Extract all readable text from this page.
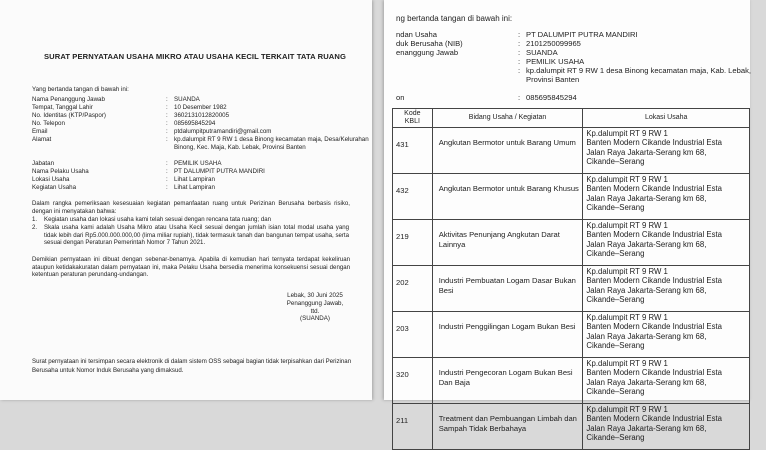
SURAT PERNYATAAN USAHA MIKRO ATAU USAHA KECIL TERKAIT TATA RUANG
Yang bertanda tangan di bawah ini:
Nama Penanggung Jawab	: SUANDA
Tempat, Tanggal Lahir	: 10 Desember 1982
No. Identitas (KTP/Paspor)	: 3602131012820005
No. Telepon	: 085695845294
Email	: ptdalumpitputramandiri@gmail.com
Alamat	: kp.dalumpit RT 9 RW 1 desa Binong kecamatan maja, Desa/Kelurahan Binong, Kec. Maja, Kab. Lebak, Provinsi Banten
Jabatan	: PEMILIK USAHA
Nama Pelaku Usaha	: PT DALUMPIT PUTRA MANDIRI
Lokasi Usaha	: Lihat Lampiran
Kegiatan Usaha	: Lihat Lampiran
Dalam rangka pemeriksaan kesesuaian kegiatan pemanfaatan ruang untuk Perizinan Berusaha berbasis risiko, dengan ini menyatakan bahwa:
1. Kegiatan usaha dan lokasi usaha kami telah sesuai dengan rencana tata ruang; dan
2. Skala usaha kami adalah Usaha Mikro atau Usaha Kecil sesuai dengan jumlah isian total modal usaha yang tidak lebih dari Rp5.000.000.000,00 (lima miliar rupiah), tidak termasuk tanah dan bangunan tempat usaha, serta sesuai dengan Peraturan Pemerintah Nomor 7 Tahun 2021.
Demikian pernyataan ini dibuat dengan sebenar-benarnya. Apabila di kemudian hari ternyata terdapat kekeliruan ataupun ketidakakuratan dalam pernyataan ini, maka Pelaku Usaha bersedia menerima konsekuensi sesuai dengan ketentuan peraturan perundang-undangan.
Lebak, 30 Juni 2025
Penanggung Jawab,
ttd.
(SUANDA)
Surat pernyataan ini tersimpan secara elektronik di dalam sistem OSS sebagai bagian tidak terpisahkan dari Perizinan Berusaha untuk Nomor Induk Berusaha yang dimaksud.
ng bertanda tangan di bawah ini:
ndan Usaha	: PT DALUMPIT PUTRA MANDIRI
duk Berusaha (NIB)	: 2101250099965
enanggung Jawab	: SUANDA
: PEMILIK USAHA
: kp.dalumpit RT 9 RW 1 desa Binong kecamatan maja, Kab. Lebak, Provinsi Banten
on	: 085695845294
Kode KBLI	Bidang Usaha / Kegiatan	Lokasi Usaha
431	Angkutan Bermotor untuk Barang Umum	Kp.dalumpit RT 9 RW 1
Banten Modern Cikande Industrial Esta
Jalan Raya Jakarta-Serang km 68,
Cikande–Serang

432	Angkutan Bermotor untuk Barang Khusus	Kp.dalumpit RT 9 RW 1
Banten Modern Cikande Industrial Esta
Jalan Raya Jakarta-Serang km 68,
Cikande–Serang

219	Aktivitas Penunjang Angkutan Darat Lainnya	Kp.dalumpit RT 9 RW 1
Banten Modern Cikande Industrial Esta
Jalan Raya Jakarta-Serang km 68,
Cikande–Serang

202	Industri Pembuatan Logam Dasar Bukan Besi	Kp.dalumpit RT 9 RW 1
Banten Modern Cikande Industrial Esta
Jalan Raya Jakarta-Serang km 68,
Cikande–Serang

203	Industri Penggilingan Logam Bukan Besi	Kp.dalumpit RT 9 RW 1
Banten Modern Cikande Industrial Esta
Jalan Raya Jakarta-Serang km 68,
Cikande–Serang

320	Industri Pengecoran Logam Bukan Besi Dan Baja	Kp.dalumpit RT 9 RW 1
Banten Modern Cikande Industrial Esta
Jalan Raya Jakarta-Serang km 68,
Cikande–Serang

211	Treatment dan Pembuangan Limbah dan Sampah Tidak Berbahaya	Kp.dalumpit RT 9 RW 1
Banten Modern Cikande Industrial Esta
Jalan Raya Jakarta-Serang km 68,
Cikande–Serang
